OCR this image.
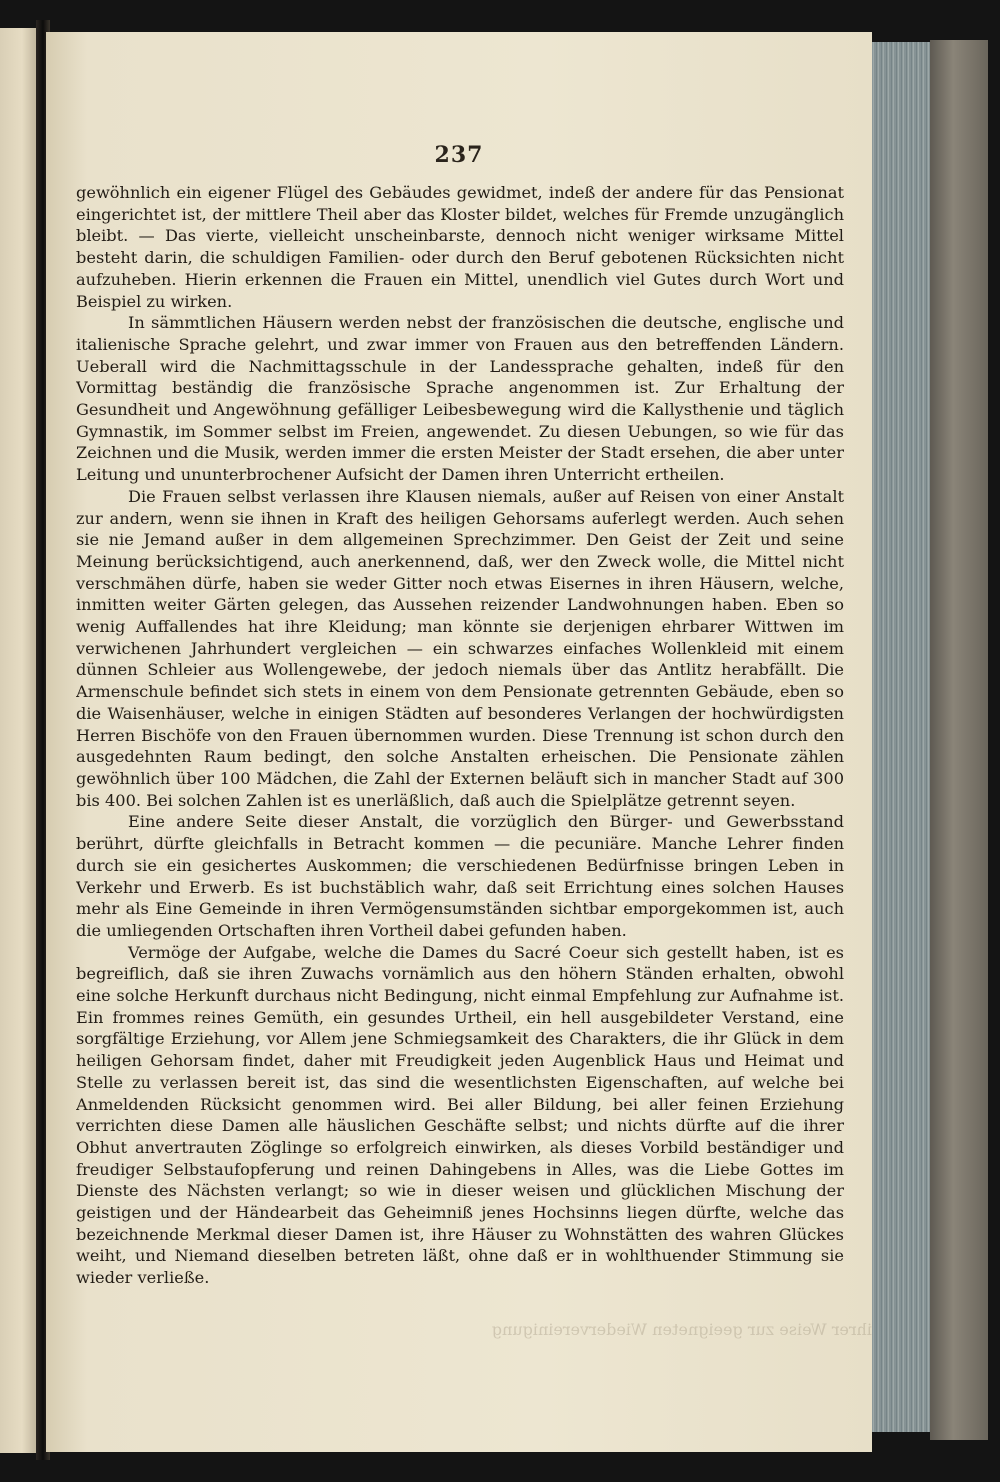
237

gewöhnlich ein eigener Flügel des Gebäudes gewidmet, indeß der andere für das Pensionat eingerichtet ist, der mittlere Theil aber das Kloster bildet, welches für Fremde unzugänglich bleibt. — Das vierte, vielleicht unscheinbarste, dennoch nicht weniger wirksame Mittel besteht darin, die schuldigen Familien- oder durch den Beruf gebotenen Rücksichten nicht aufzuheben. Hierin erkennen die Frauen ein Mittel, unendlich viel Gutes durch Wort und Beispiel zu wirken.

In sämmtlichen Häusern werden nebst der französischen die deutsche, englische und italienische Sprache gelehrt, und zwar immer von Frauen aus den betreffenden Ländern. Ueberall wird die Nachmittagsschule in der Landessprache gehalten, indeß für den Vormittag beständig die französische Sprache angenommen ist. Zur Erhaltung der Gesundheit und Angewöhnung gefälliger Leibesbewegung wird die Kallysthenie und täglich Gymnastik, im Sommer selbst im Freien, angewendet. Zu diesen Uebungen, so wie für das Zeichnen und die Musik, werden immer die ersten Meister der Stadt ersehen, die aber unter Leitung und ununterbrochener Aufsicht der Damen ihren Unterricht ertheilen.

Die Frauen selbst verlassen ihre Klausen niemals, außer auf Reisen von einer Anstalt zur andern, wenn sie ihnen in Kraft des heiligen Gehorsams auferlegt werden. Auch sehen sie nie Jemand außer in dem allgemeinen Sprechzimmer. Den Geist der Zeit und seine Meinung berücksichtigend, auch anerkennend, daß, wer den Zweck wolle, die Mittel nicht verschmähen dürfe, haben sie weder Gitter noch etwas Eisernes in ihren Häusern, welche, inmitten weiter Gärten gelegen, das Aussehen reizender Landwohnungen haben. Eben so wenig Auffallendes hat ihre Kleidung; man könnte sie derjenigen ehrbarer Wittwen im verwichenen Jahrhundert vergleichen — ein schwarzes einfaches Wollenkleid mit einem dünnen Schleier aus Wollengewebe, der jedoch niemals über das Antlitz herabfällt. Die Armenschule befindet sich stets in einem von dem Pensionate getrennten Gebäude, eben so die Waisenhäuser, welche in einigen Städten auf besonderes Verlangen der hochwürdigsten Herren Bischöfe von den Frauen übernommen wurden. Diese Trennung ist schon durch den ausgedehnten Raum bedingt, den solche Anstalten erheischen. Die Pensionate zählen gewöhnlich über 100 Mädchen, die Zahl der Externen beläuft sich in mancher Stadt auf 300 bis 400. Bei solchen Zahlen ist es unerläßlich, daß auch die Spielplätze getrennt seyen.

Eine andere Seite dieser Anstalt, die vorzüglich den Bürger- und Gewerbsstand berührt, dürfte gleichfalls in Betracht kommen — die pecuniäre. Manche Lehrer finden durch sie ein gesichertes Auskommen; die verschiedenen Bedürfnisse bringen Leben in Verkehr und Erwerb. Es ist buchstäblich wahr, daß seit Errichtung eines solchen Hauses mehr als Eine Gemeinde in ihren Vermögensumständen sichtbar emporgekommen ist, auch die umliegenden Ortschaften ihren Vortheil dabei gefunden haben.

Vermöge der Aufgabe, welche die Dames du Sacré Coeur sich gestellt haben, ist es begreiflich, daß sie ihren Zuwachs vornämlich aus den höhern Ständen erhalten, obwohl eine solche Herkunft durchaus nicht Bedingung, nicht einmal Empfehlung zur Aufnahme ist. Ein frommes reines Gemüth, ein gesundes Urtheil, ein hell ausgebildeter Verstand, eine sorgfältige Erziehung, vor Allem jene Schmiegsamkeit des Charakters, die ihr Glück in dem heiligen Gehorsam findet, daher mit Freudigkeit jeden Augenblick Haus und Heimat und Stelle zu verlassen bereit ist, das sind die wesentlichsten Eigenschaften, auf welche bei Anmeldenden Rücksicht genommen wird. Bei aller Bildung, bei aller feinen Erziehung verrichten diese Damen alle häuslichen Geschäfte selbst; und nichts dürfte auf die ihrer Obhut anvertrauten Zöglinge so erfolgreich einwirken, als dieses Vorbild beständiger und freudiger Selbstaufopferung und reinen Dahingebens in Alles, was die Liebe Gottes im Dienste des Nächsten verlangt; so wie in dieser weisen und glücklichen Mischung der geistigen und der Händearbeit das Geheimniß jenes Hochsinns liegen dürfte, welche das bezeichnende Merkmal dieser Damen ist, ihre Häuser zu Wohnstätten des wahren Glückes weiht, und Niemand dieselben betreten läßt, ohne daß er in wohlthuender Stimmung sie wieder verließe.

ihrer Weise zur geeigneten Wiedervereinigung
